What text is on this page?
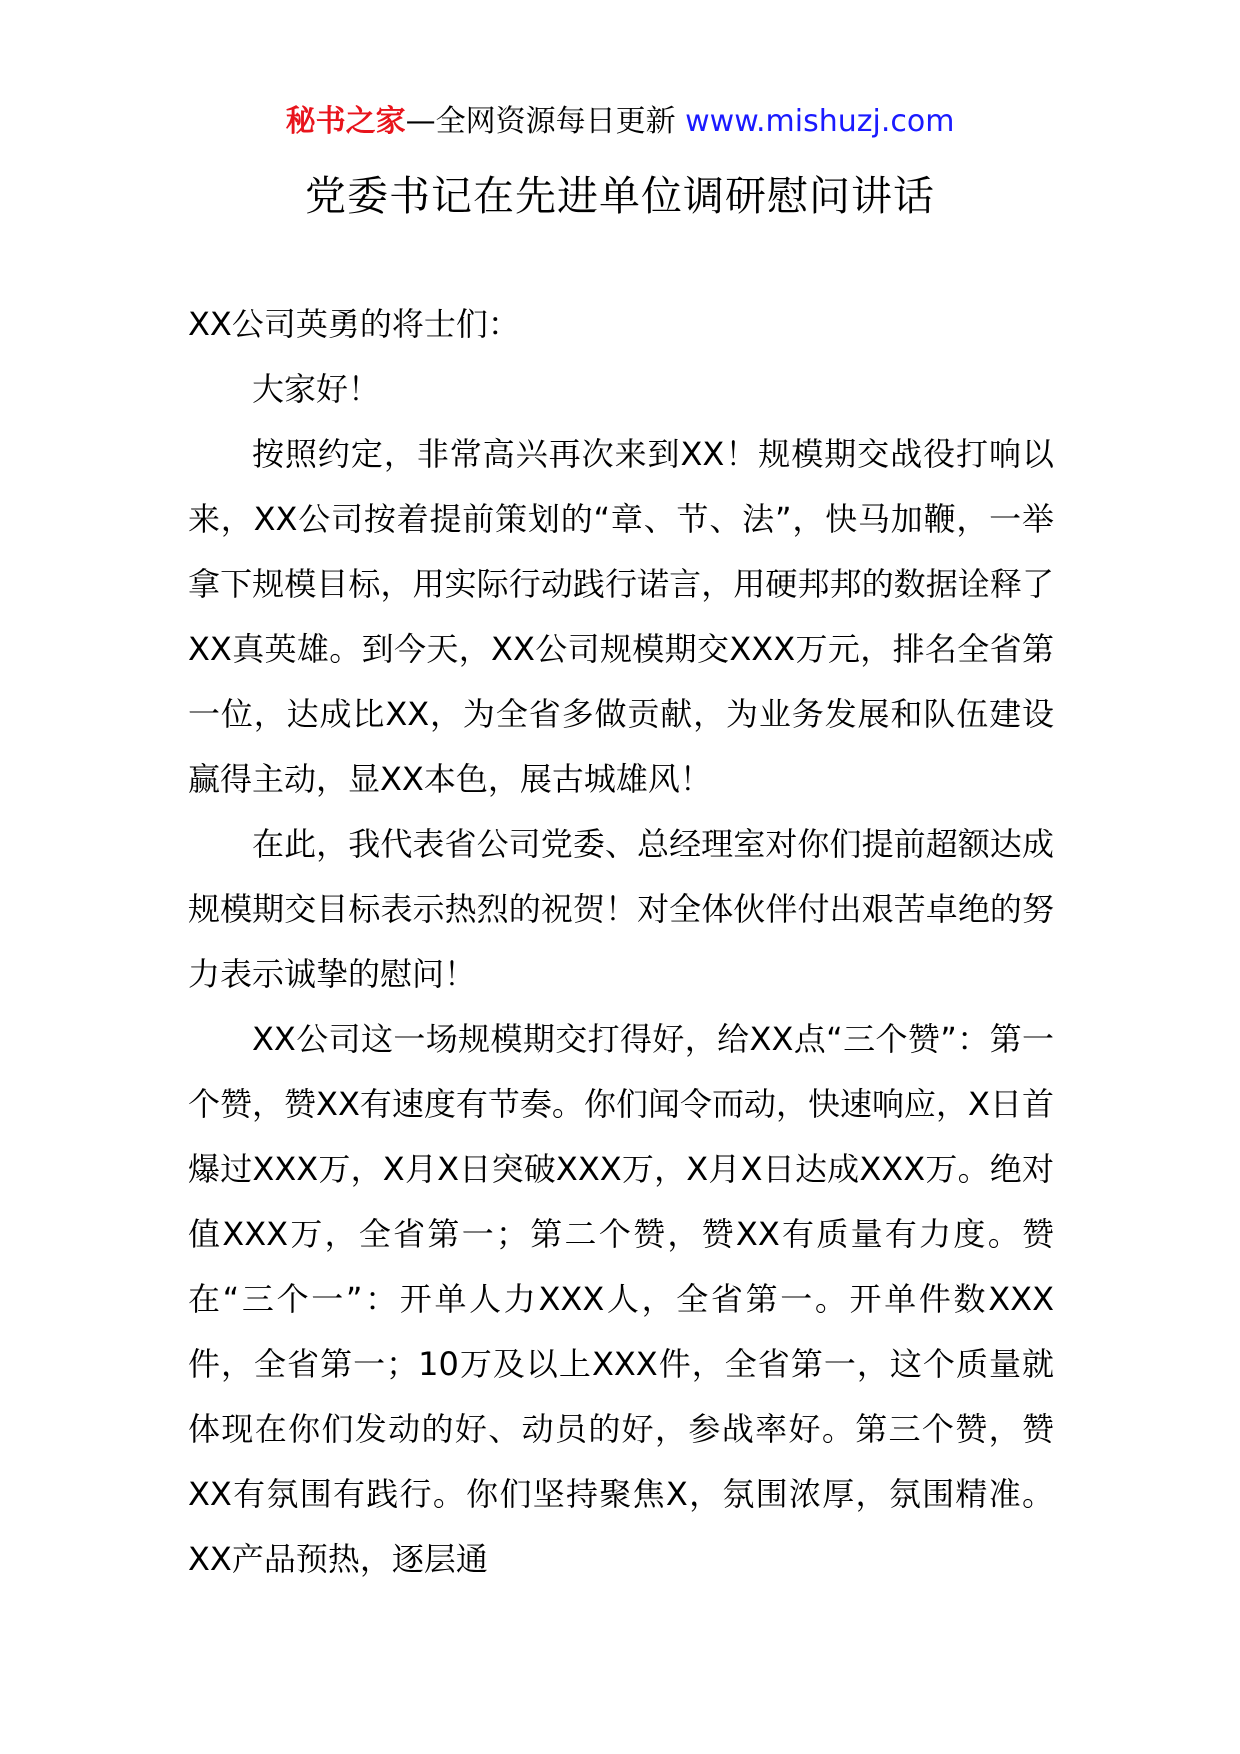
秘书之家—全网资源每日更新 www.mishuzj.com
党委书记在先进单位调研慰问讲话

XX公司英勇的将士们：

大家好！

按照约定，非常高兴再次来到XX！规模期交战役打响以来，XX公司按着提前策划的“章、节、法”，快马加鞭，一举拿下规模目标，用实际行动践行诺言，用硬邦邦的数据诠释了XX真英雄。到今天，XX公司规模期交XXX万元，排名全省第一位，达成比XX，为全省多做贡献，为业务发展和队伍建设赢得主动，显XX本色，展古城雄风！

在此，我代表省公司党委、总经理室对你们提前超额达成规模期交目标表示热烈的祝贺！对全体伙伴付出艰苦卓绝的努力表示诚挚的慰问！

XX公司这一场规模期交打得好，给XX点“三个赞”：第一个赞，赞XX有速度有节奏。你们闻令而动，快速响应，X日首爆过XXX万，X月X日突破XXX万，X月X日达成XXX万。绝对值XXX万，全省第一；第二个赞，赞XX有质量有力度。赞在“三个一”：开单人力XXX人，全省第一。开单件数XXX件，全省第一；10万及以上XXX件，全省第一，这个质量就体现在你们发动的好、动员的好，参战率好。第三个赞，赞XX有氛围有践行。你们坚持聚焦X，氛围浓厚，氛围精准。XX产品预热，逐层通
